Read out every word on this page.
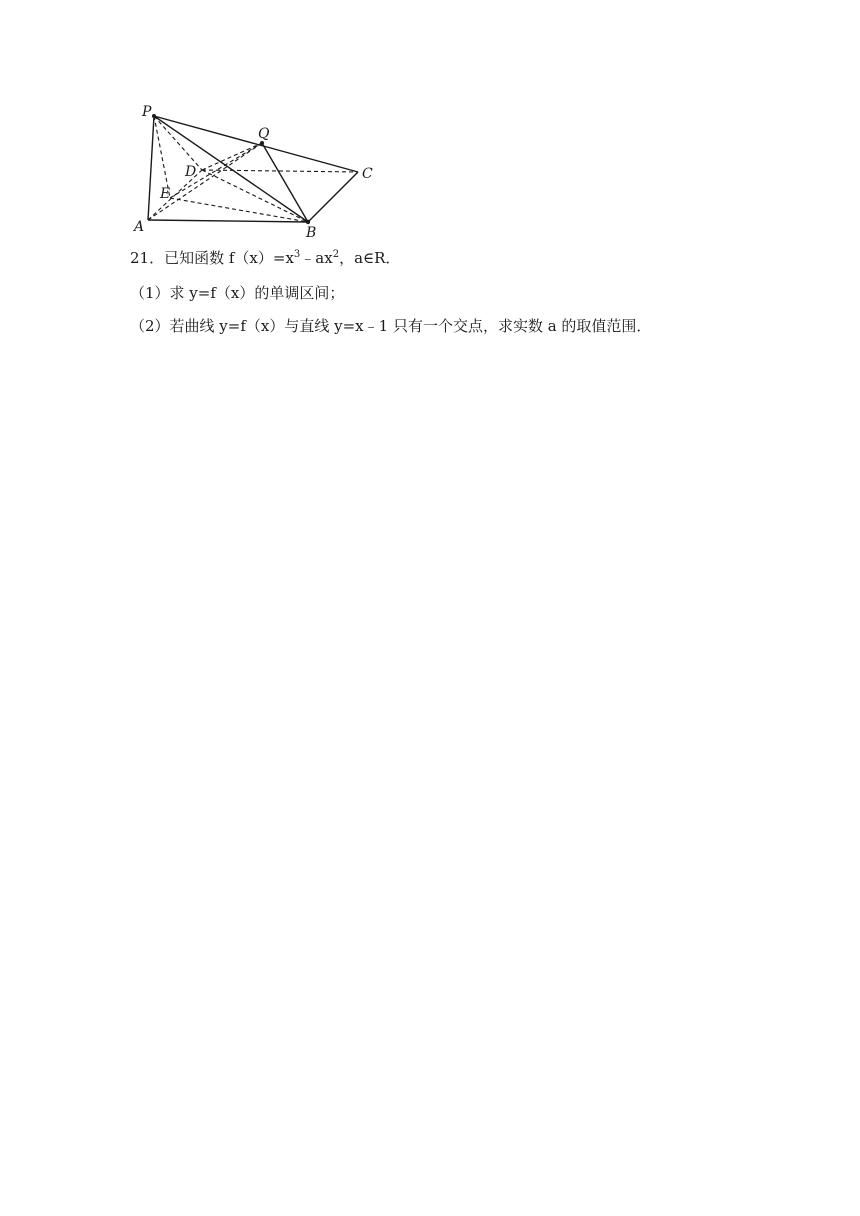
P
Q
D	C
E
A	B
21．已知函数 $f(x)=x^3﹣ax^2$，a∈R．
（1）求 y=f（x）的单调区间；
（2）若曲线 y=f（x）与直线 y=x﹣1 只有一个交点，求实数 a 的取值范围．
